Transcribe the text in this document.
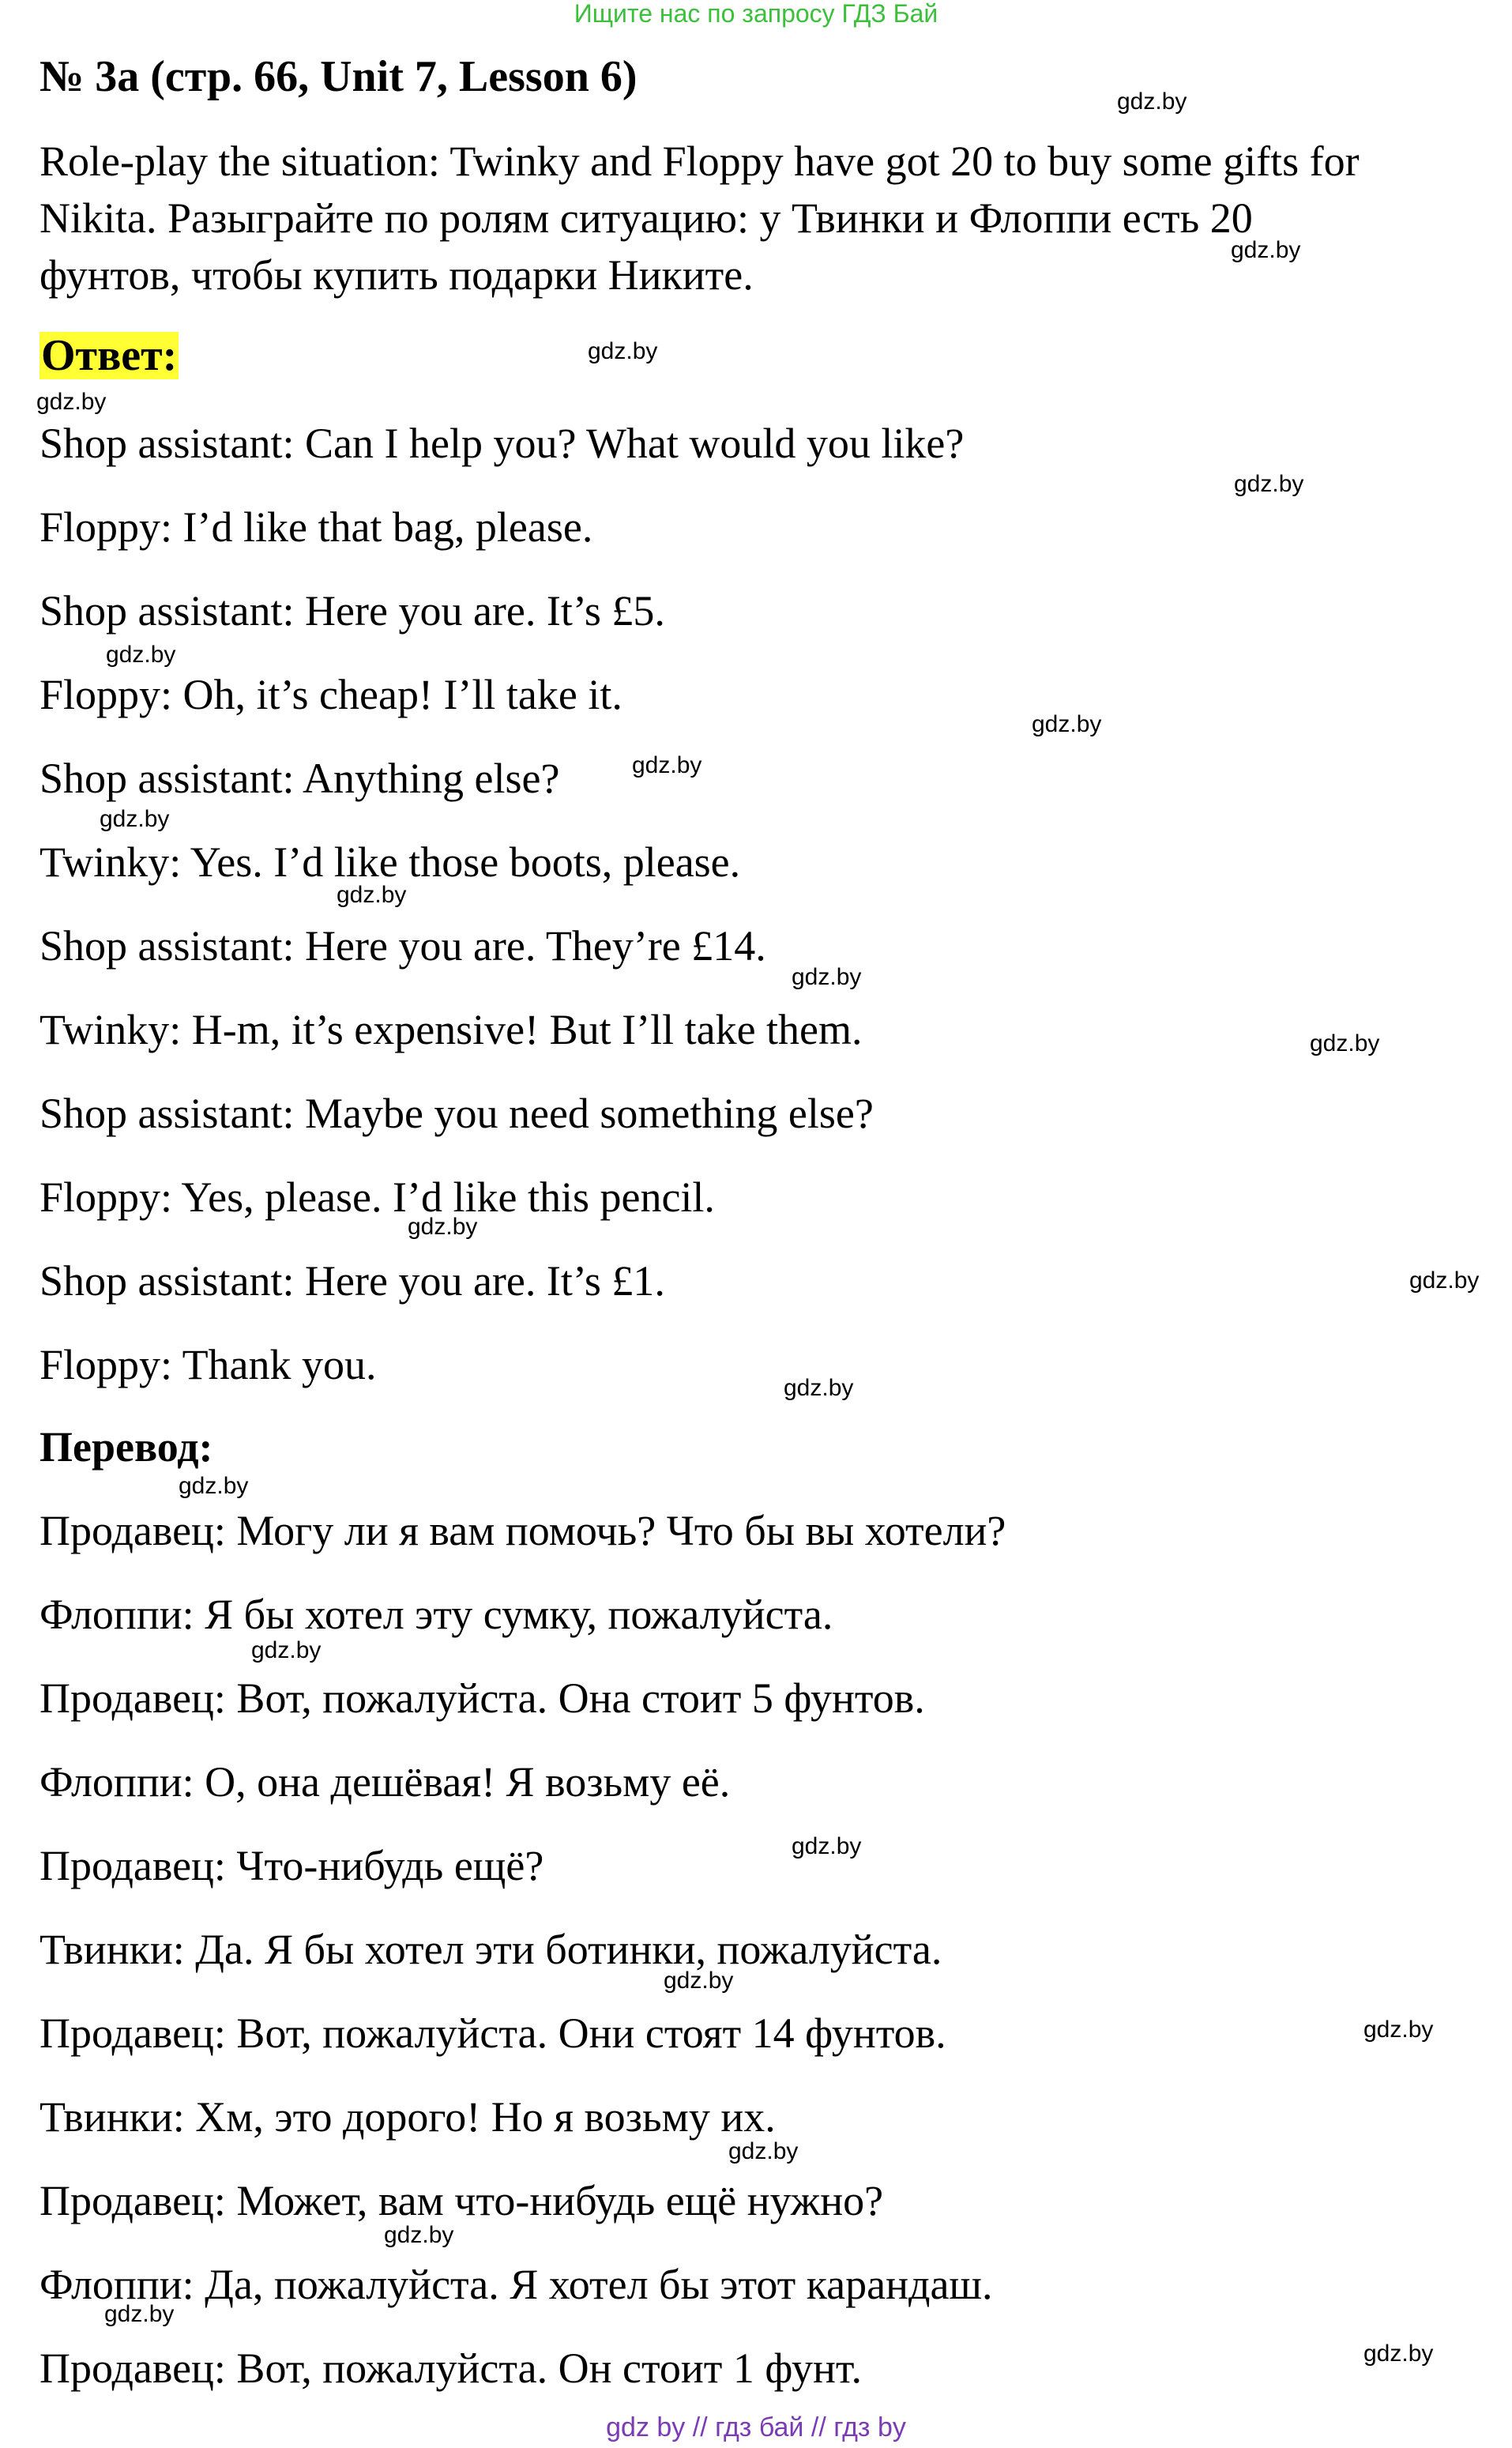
Ищите нас по запросу ГДЗ Бай
№ 3а (стр. 66, Unit 7, Lesson 6)

Role-play the situation: Twinky and Floppy have got 20 to buy some gifts for

Nikita. Разыграйте по ролям ситуацию: у Твинки и Флоппи есть 20

фунтов, чтобы купить подарки Никите.

Ответ:
Shop assistant: Can I help you? What would you like?
Floppy: I’d like that bag, please.
Shop assistant: Here you are. It’s £5.
Floppy: Oh, it’s cheap! I’ll take it.
Shop assistant: Anything else?
Twinky: Yes. I’d like those boots, please.
Shop assistant: Here you are. They’re £14.
Twinky: H-m, it’s expensive! But I’ll take them.
Shop assistant: Maybe you need something else?
Floppy: Yes, please. I’d like this pencil.
Shop assistant: Here you are. It’s £1.
Floppy: Thank you.
Перевод:
Продавец: Могу ли я вам помочь? Что бы вы хотели?
Флоппи: Я бы хотел эту сумку, пожалуйста.
Продавец: Вот, пожалуйста. Она стоит 5 фунтов.
Флоппи: О, она дешёвая! Я возьму её.
Продавец: Что-нибудь ещё?
Твинки: Да. Я бы хотел эти ботинки, пожалуйста.
Продавец: Вот, пожалуйста. Они стоят 14 фунтов.
Твинки: Хм, это дорого! Но я возьму их.
Продавец: Может, вам что-нибудь ещё нужно?
Флоппи: Да, пожалуйста. Я хотел бы этот карандаш.
Продавец: Вот, пожалуйста. Он стоит 1 фунт.
gdz.by
gdz.by
gdz.by
gdz.by
gdz.by
gdz.by
gdz.by
gdz.by
gdz.by
gdz.by
gdz.by
gdz.by
gdz.by
gdz.by
gdz.by
gdz.by
gdz.by
gdz.by
gdz.by
gdz.by
gdz.by
gdz.by
gdz.by
gdz.by
gdz by // гдз бай // гдз by
